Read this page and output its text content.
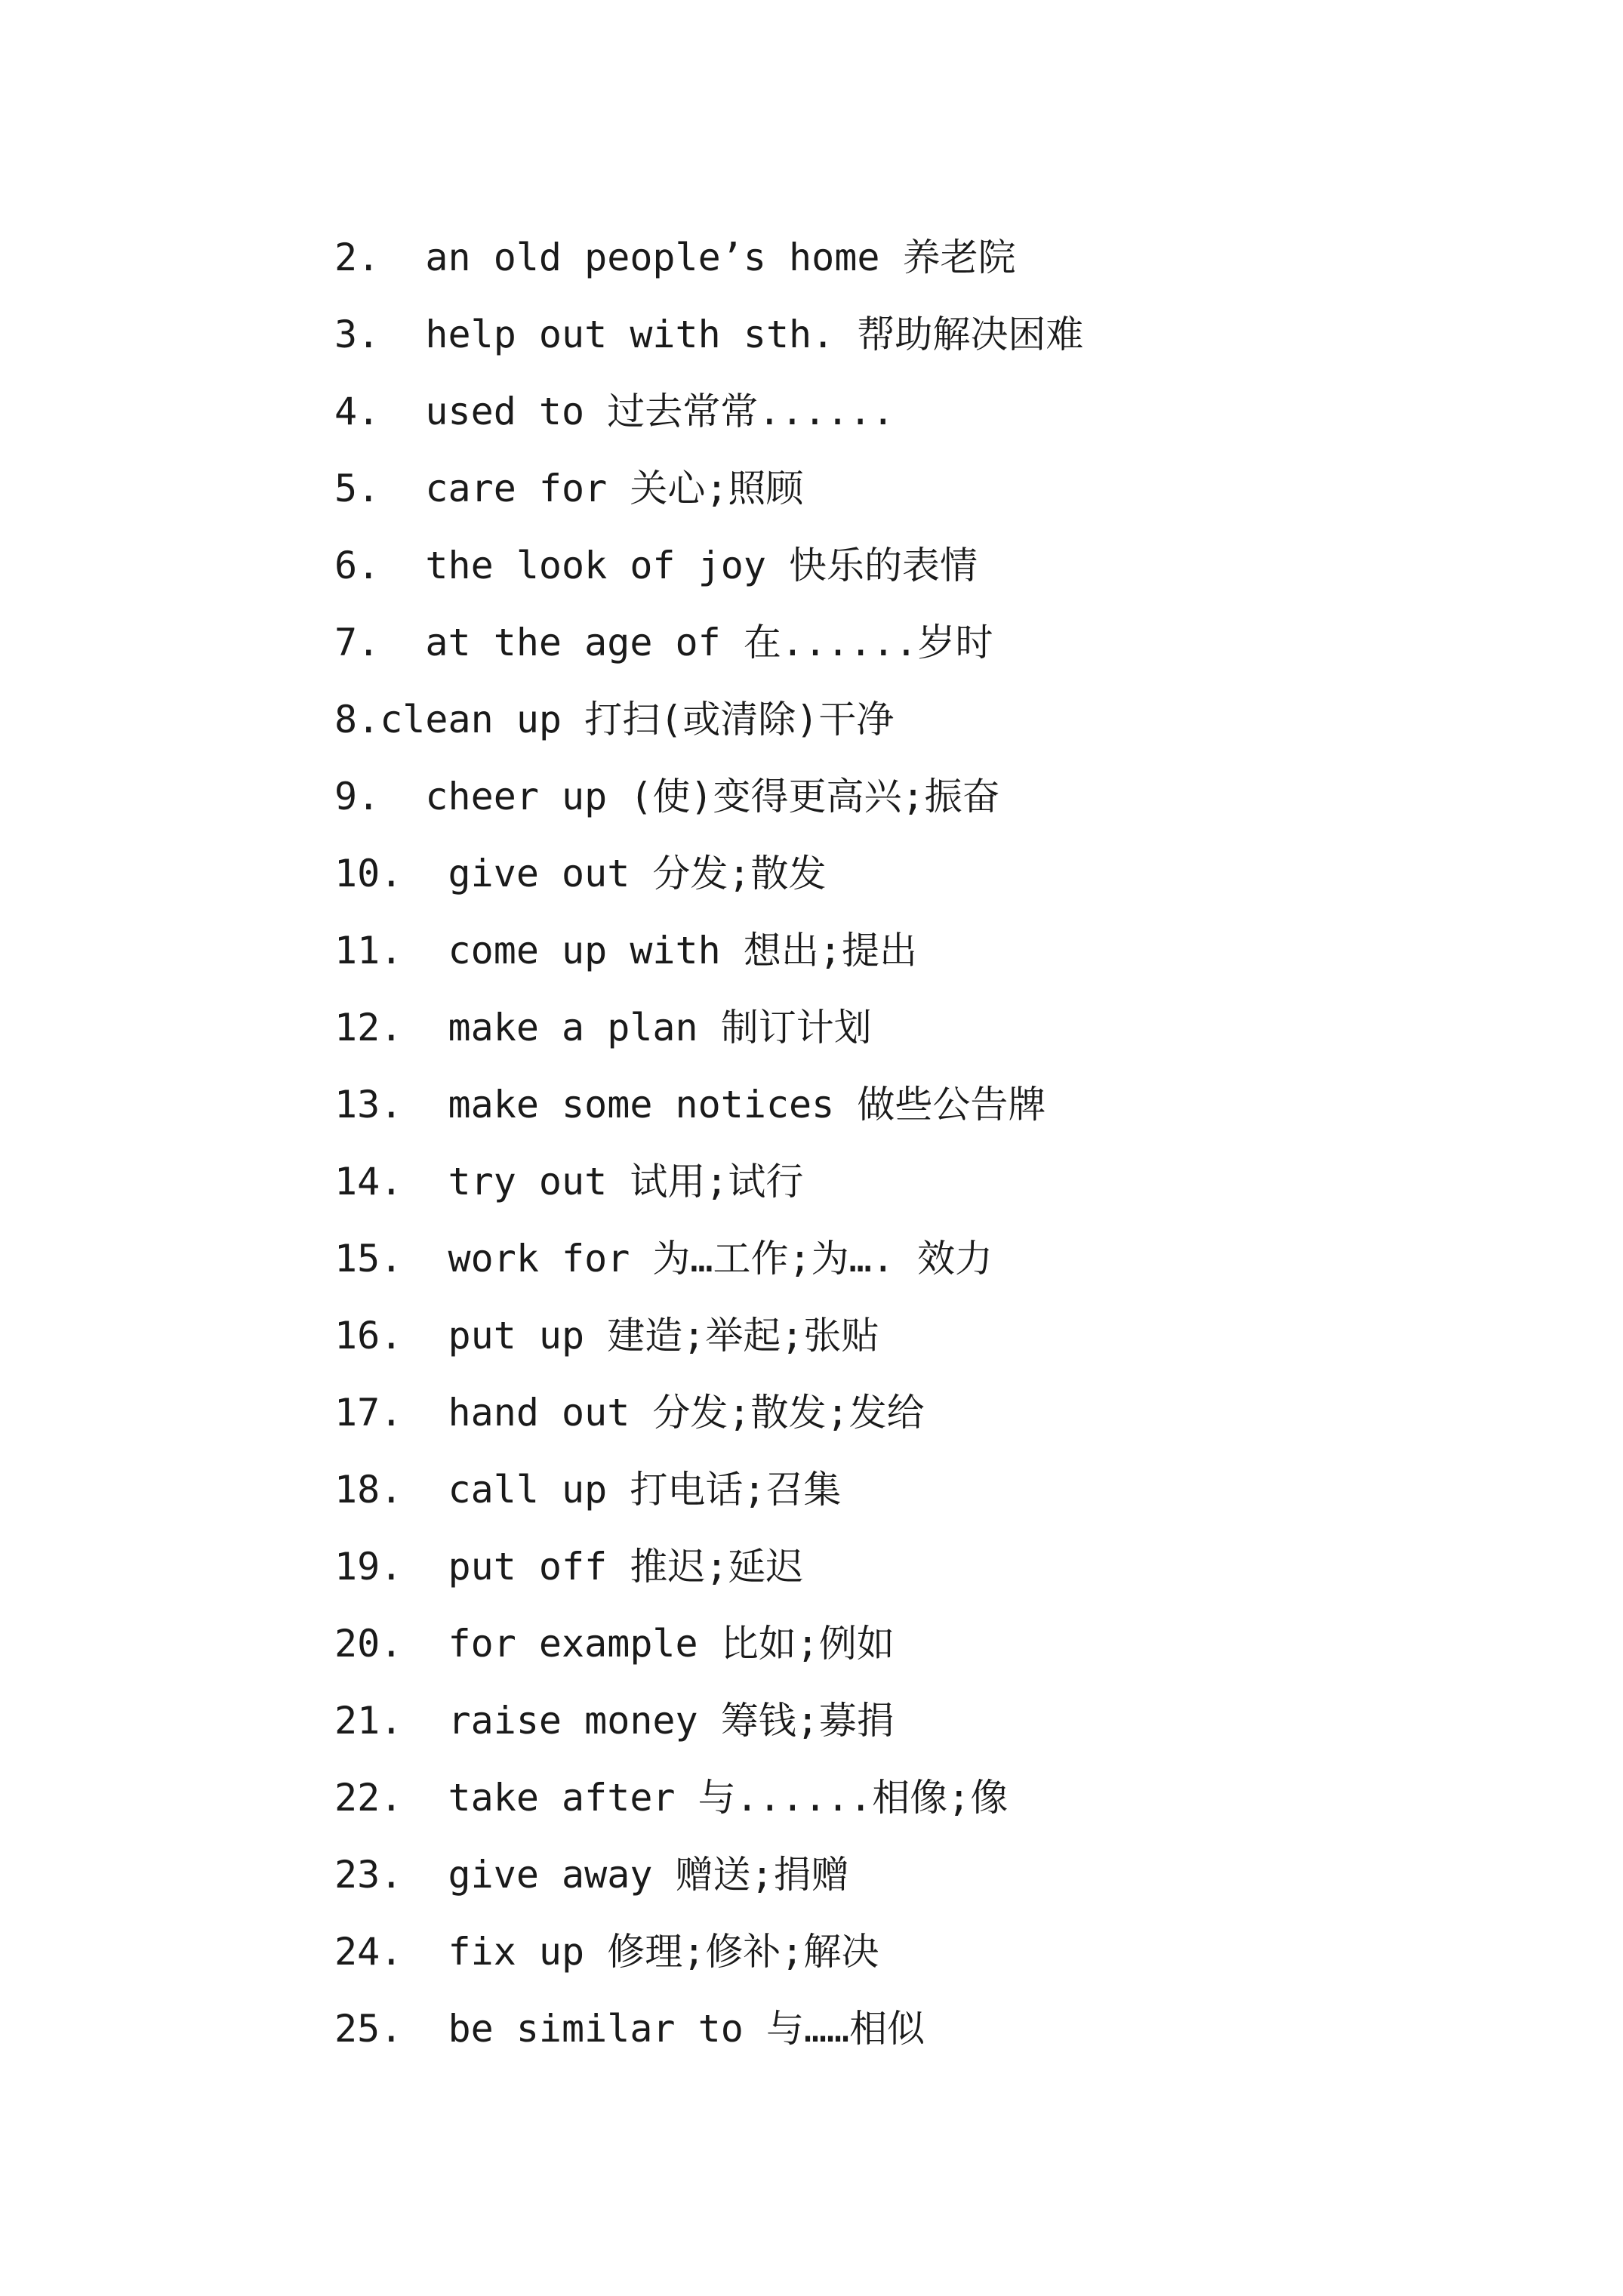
2.  an old people’s home 养老院
3.  help out with sth. 帮助解决困难
4.  used to 过去常常......
5.  care for 关心;照顾
6.  the look of joy 快乐的表情
7.  at the age of 在......岁时
8.clean up 打扫(或清除)干净
9.  cheer up (使)变得更高兴;振奋
10.  give out 分发;散发
11.  come up with 想出;提出
12.  make a plan 制订计划
13.  make some notices 做些公告牌
14.  try out 试用;试行
15.  work for 为…工作;为…. 效力
16.  put up 建造;举起;张贴
17.  hand out 分发;散发;发给
18.  call up 打电话;召集
19.  put off 推迟;延迟
20.  for example 比如;例如
21.  raise money 筹钱;募捐
22.  take after 与......相像;像
23.  give away 赠送;捐赠
24.  fix up 修理;修补;解决
25.  be similar to 与……相似
